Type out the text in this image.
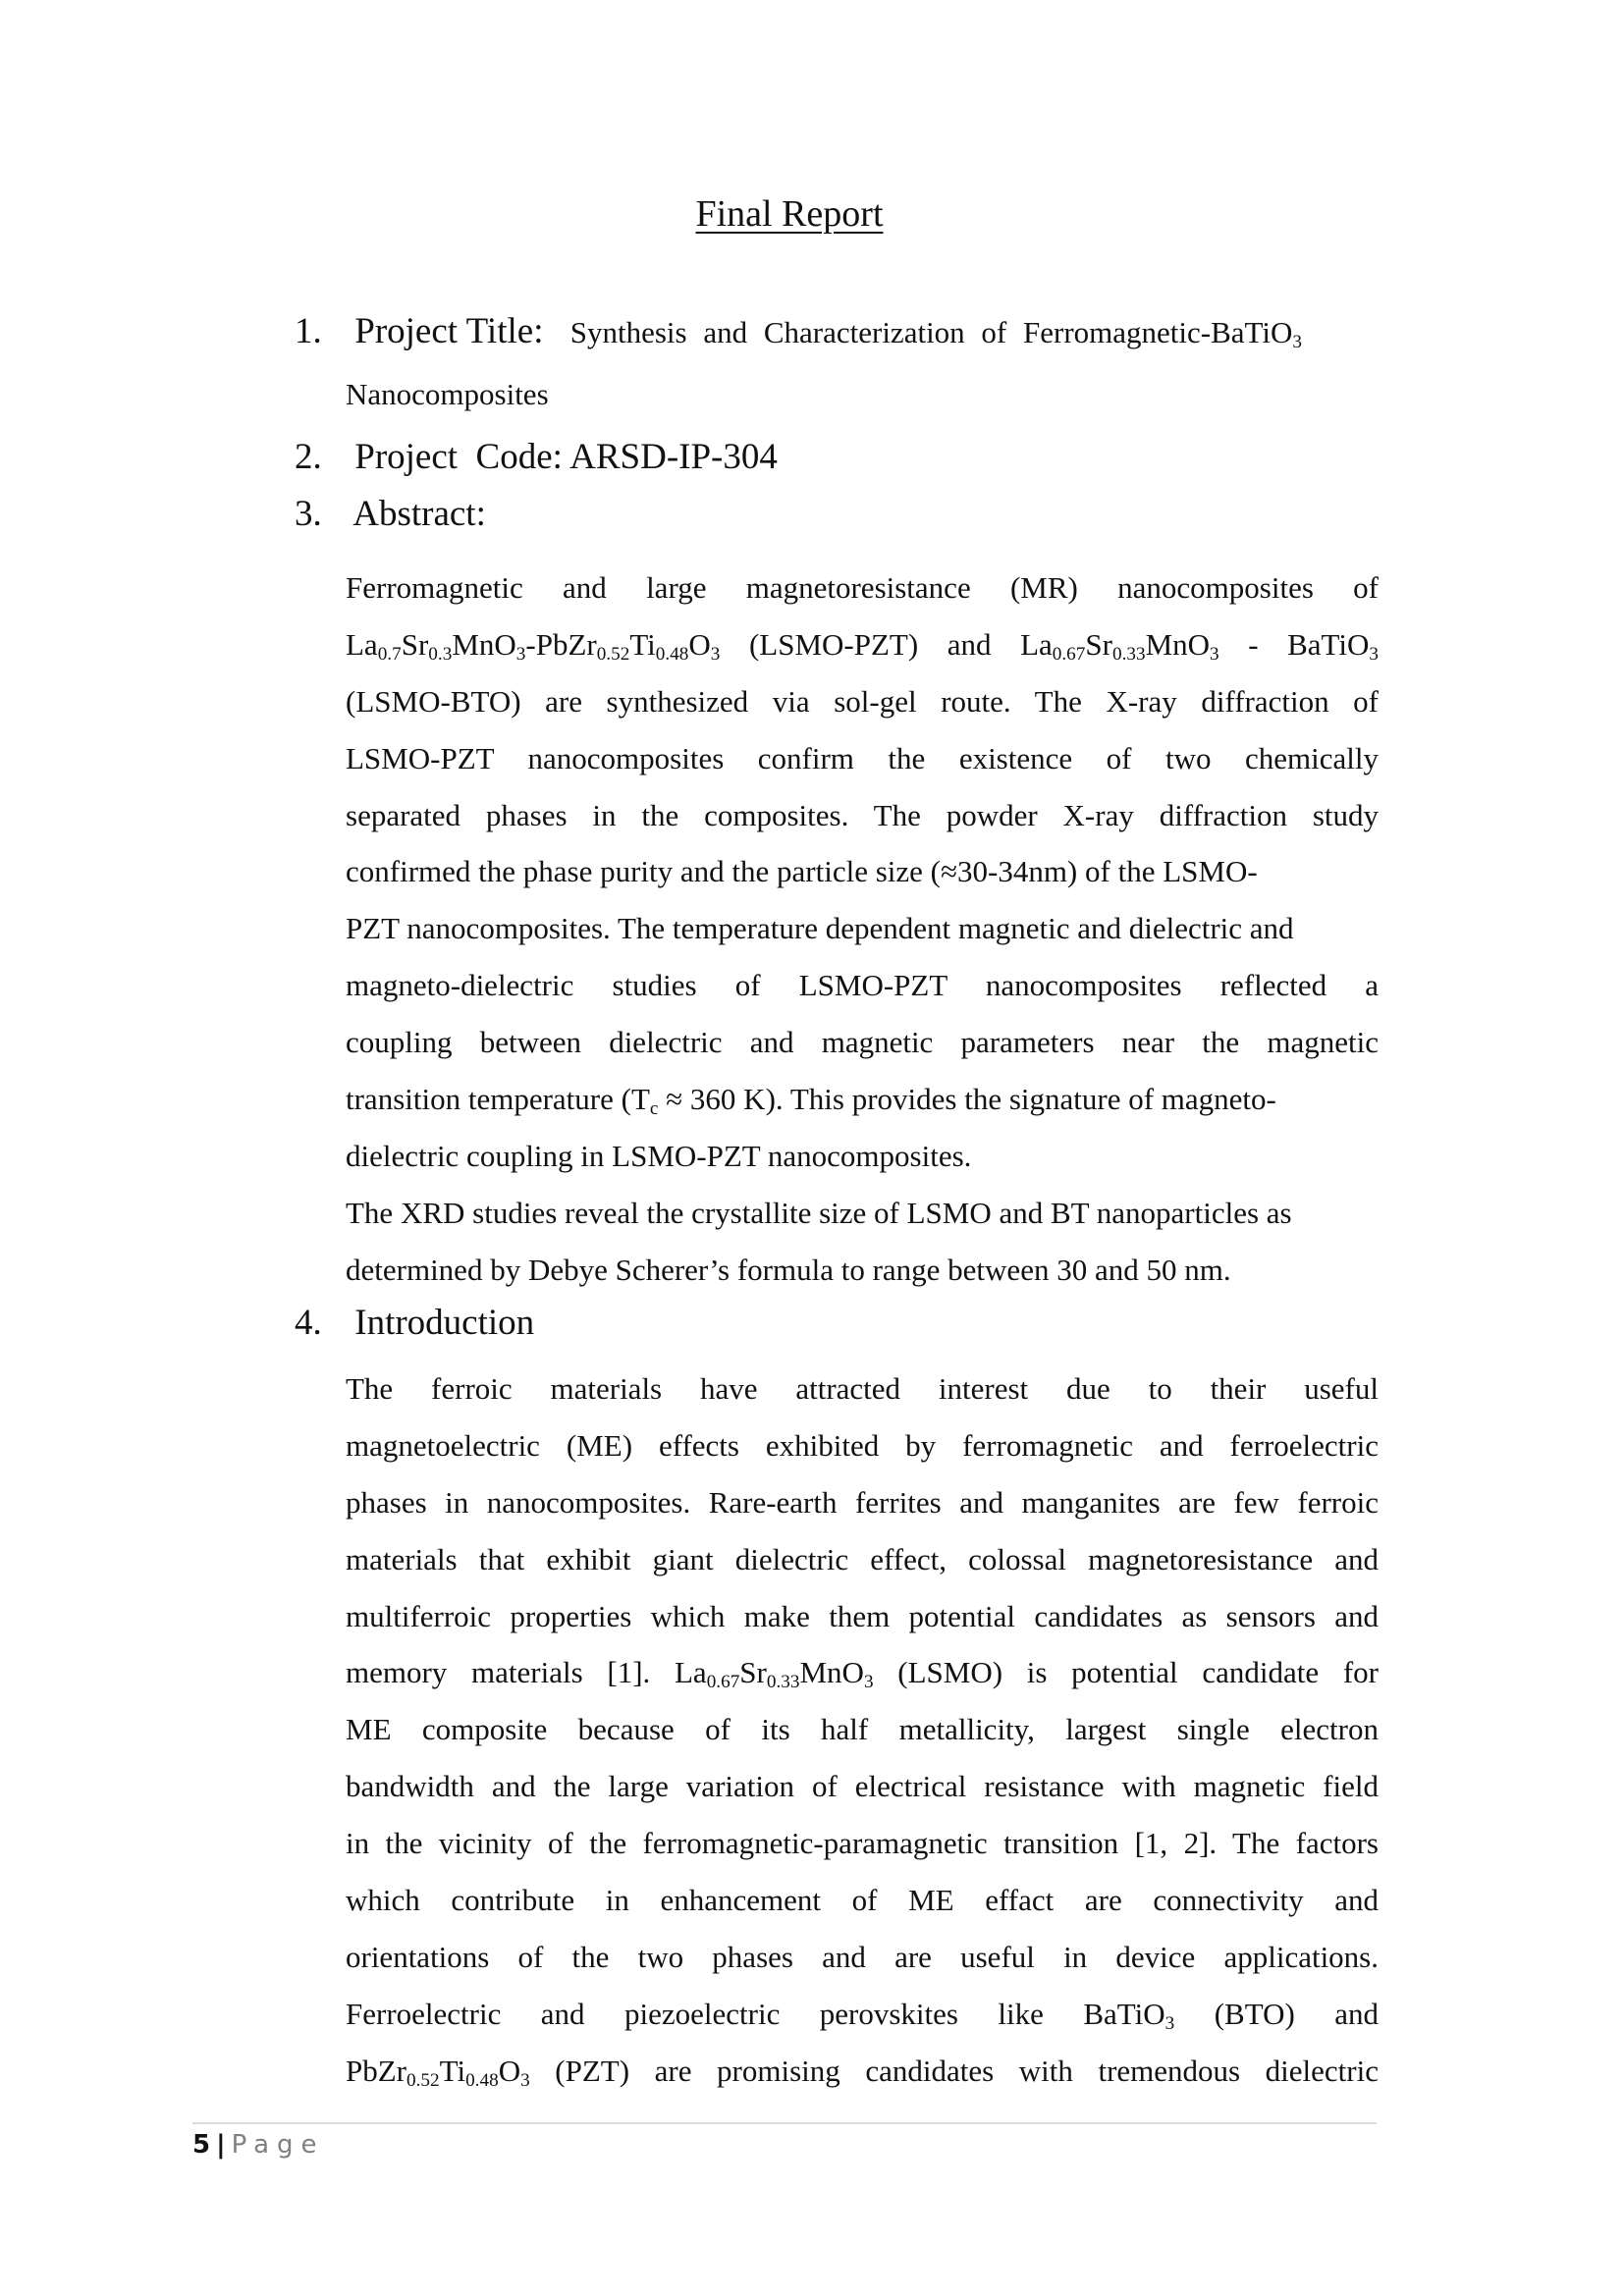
Final Report
1. Project Title: Synthesis and Characterization of Ferromagnetic-BaTiO$_3$
Nanocomposites
2. Project  Code: ARSD-IP-304
3. Abstract:
Ferromagnetic and large magnetoresistance (MR) nanocomposites of
$La_{0.7}Sr_{0.3}MnO_3-PbZr_{0.52}Ti_{0.48}O_3$ (LSMO-PZT) and $La_{0.67}Sr_{0.33}MnO_3$ - BaTiO$_3$
(LSMO-BTO) are synthesized via sol-gel route. The X-ray diffraction of
LSMO-PZT nanocomposites confirm the existence of two chemically
separated phases in the composites. The powder X-ray diffraction study
confirmed the phase purity and the particle size (≈30-34nm) of the LSMO-
PZT nanocomposites. The temperature dependent magnetic and dielectric and
magneto-dielectric studies of LSMO-PZT nanocomposites reflected a
coupling between dielectric and magnetic parameters near the magnetic
transition temperature ($T_c \approx 360$ K). This provides the signature of magneto-
dielectric coupling in LSMO-PZT nanocomposites.
The XRD studies reveal the crystallite size of LSMO and BT nanoparticles as
determined by Debye Scherer’s formula to range between 30 and 50 nm.
4. Introduction
The ferroic materials have attracted interest due to their useful
magnetoelectric (ME) effects exhibited by ferromagnetic and ferroelectric
phases in nanocomposites. Rare-earth ferrites and manganites are few ferroic
materials that exhibit giant dielectric effect, colossal magnetoresistance and
multiferroic properties which make them potential candidates as sensors and
memory materials [1]. $La_{0.67}Sr_{0.33}MnO_3$ (LSMO) is potential candidate for
ME composite because of its half metallicity, largest single electron
bandwidth and the large variation of electrical resistance with magnetic field
in the vicinity of the ferromagnetic-paramagnetic transition [1, 2]. The factors
which contribute in enhancement of ME effact are connectivity and
orientations of the two phases and are useful in device applications.
Ferroelectric and piezoelectric perovskites like BaTiO$_3$ (BTO) and
$PbZr_{0.52}Ti_{0.48}O_3$ (PZT) are promising candidates with tremendous dielectric
5 | Page
